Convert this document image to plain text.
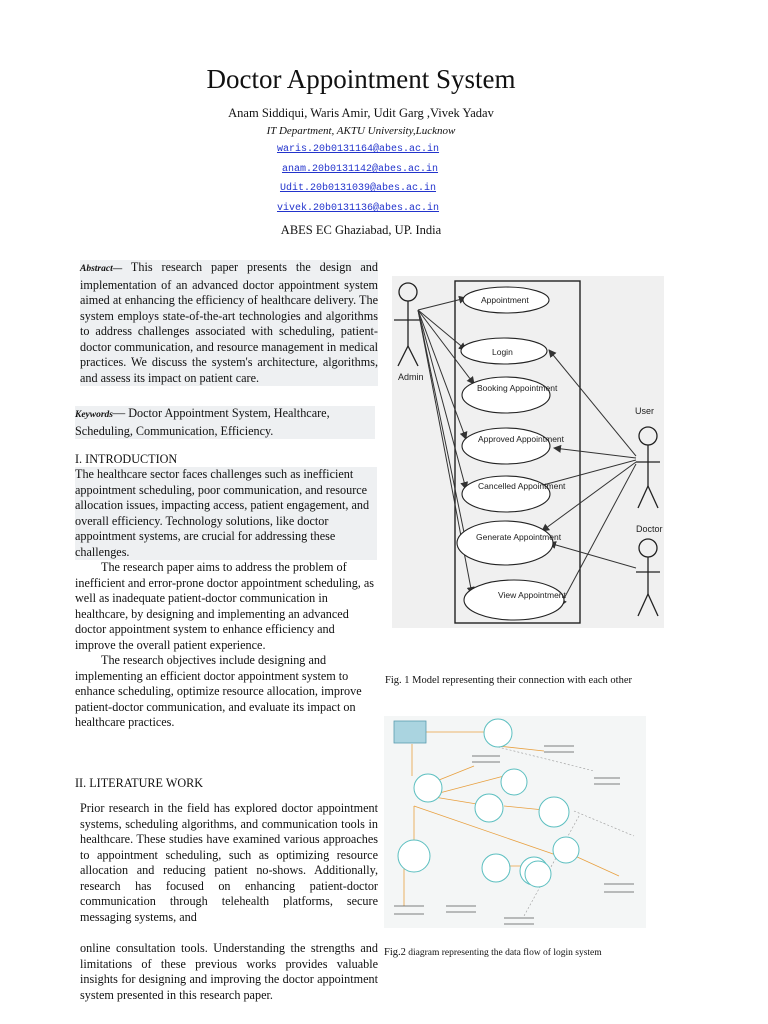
Doctor Appointment System
Anam Siddiqui, Waris Amir, Udit Garg ,Vivek Yadav
IT Department, AKTU University,Lucknow
waris.20b0131164@abes.ac.in
anam.20b0131142@abes.ac.in
Udit.20b0131039@abes.ac.in
vivek.20b0131136@abes.ac.in
ABES EC Ghaziabad, UP. India
Abstract— This research paper presents the design and implementation of an advanced doctor appointment system aimed at enhancing the efficiency of healthcare delivery. The system employs state-of-the-art technologies and algorithms to address challenges associated with scheduling, patient-doctor communication, and resource management in medical practices. We discuss the system's architecture, algorithms, and assess its impact on patient care.
Keywords— Doctor Appointment System, Healthcare, Scheduling, Communication, Efficiency.
I. INTRODUCTION
The healthcare sector faces challenges such as inefficient appointment scheduling, poor communication, and resource allocation issues, impacting access, patient engagement, and overall efficiency. Technology solutions, like doctor appointment systems, are crucial for addressing these challenges.
The research paper aims to address the problem of inefficient and error-prone doctor appointment scheduling, as well as inadequate patient-doctor communication in healthcare, by designing and implementing an advanced doctor appointment system to enhance efficiency and improve the overall patient experience.
The research objectives include designing and implementing an efficient doctor appointment system to enhance scheduling, optimize resource allocation, improve patient-doctor communication, and evaluate its impact on healthcare practices.
II. LITERATURE WORK
Prior research in the field has explored doctor appointment systems, scheduling algorithms, and communication tools in healthcare. These studies have examined various approaches to appointment scheduling, such as optimizing resource allocation and reducing patient no-shows. Additionally, research has focused on enhancing patient-doctor communication through telehealth platforms, secure messaging systems, and
online consultation tools. Understanding the strengths and limitations of these previous works provides valuable insights for designing and improving the doctor appointment system presented in this research paper.
Admin
User
Doctor
Appointment
Login
Booking Appointment
Approved Appointment
Cancelled Appointment
Generate Appointment
View Appointment
Fig. 1 Model representing their connection with each other
Fig.2 diagram representing the data flow of login system
